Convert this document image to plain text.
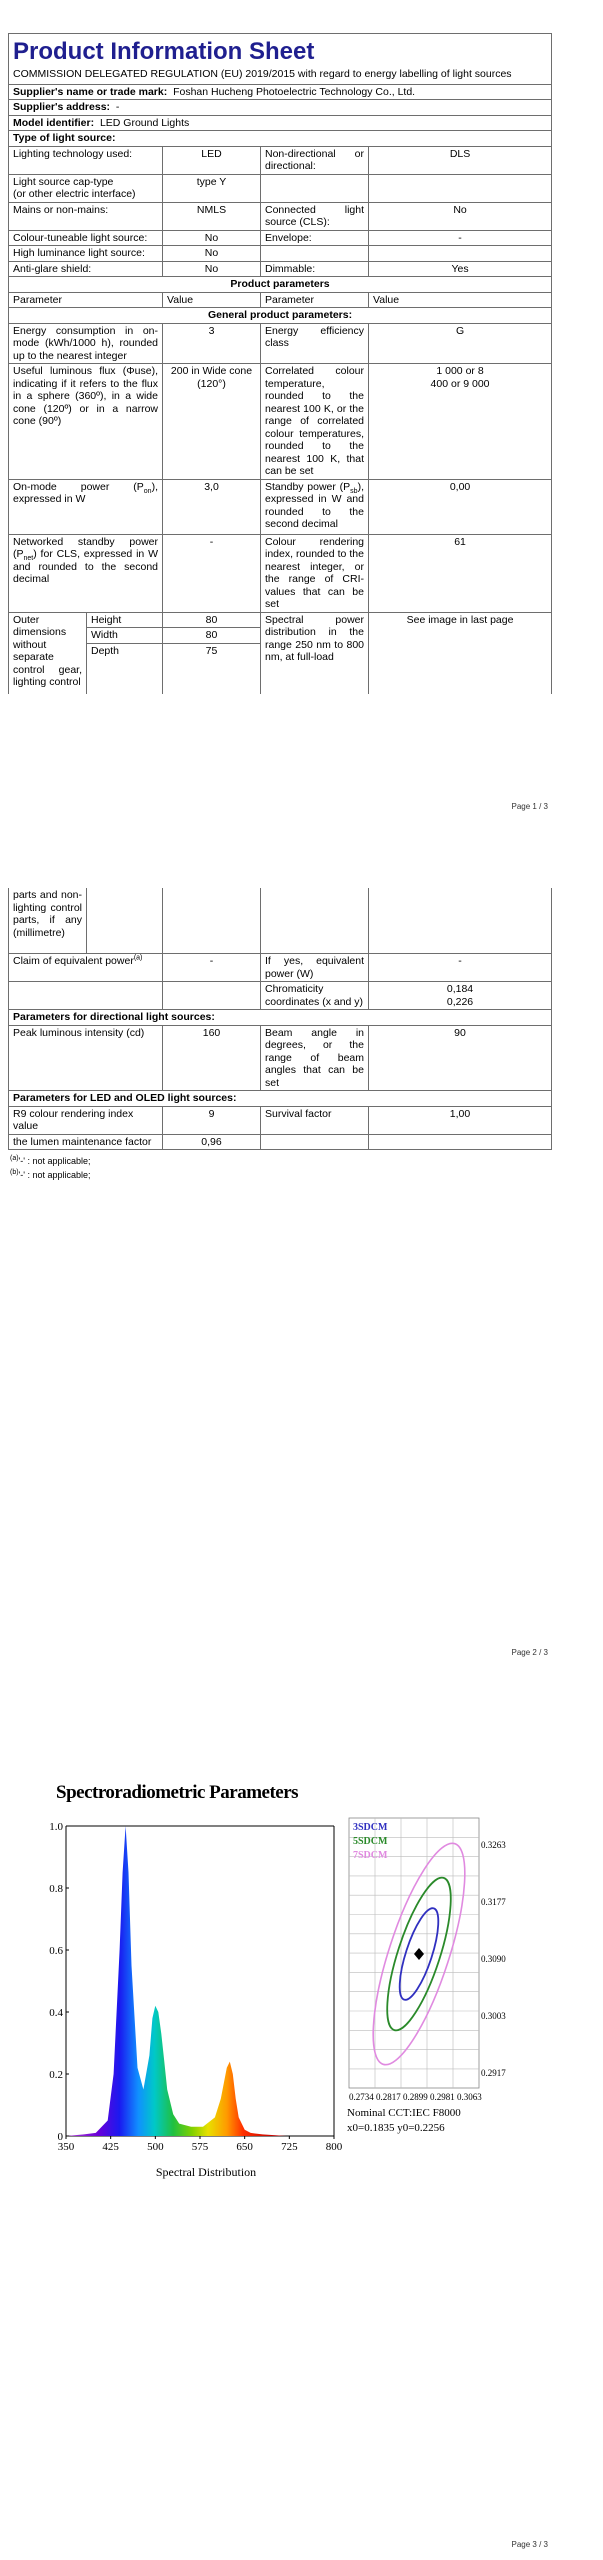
Product Information Sheet
COMMISSION DELEGATED REGULATION (EU) 2019/2015 with regard to energy labelling of light sources				

Supplier's name or trade mark: Foshan Hucheng Photoelectric Technology Co., Ltd.				
Supplier's address: -				
Model identifier: LED Ground Lights				
Type of light source:				
Lighting technology used:		LED	Non-directional or directional:	DLS

Light source cap-type
(or other electric interface)		type Y		
Mains or non-mains:		NMLS	Connected light source (CLS):	No
Colour-tuneable light source:		No	Envelope:	-
High luminance light source:		No		
Anti-glare shield:		No	Dimmable:	Yes
Product parameters				
Parameter		Value	Parameter	Value
General product parameters:				
Energy consumption in on-mode (kWh/1000 h), rounded up to the nearest integer		3	Energy efficiency class	G
Useful luminous flux (Φuse), indicating if it refers to the flux in a sphere (360º), in a wide cone (120º) or in a narrow cone (90º)		200 in Wide cone (120°)	Correlated colour temperature, rounded to the nearest 100 K, or the range of correlated colour temperatures, rounded to the nearest 100 K, that can be set	1 000 or 8
400 or 9 000

On-mode power $(P_{on})$, expressed in W		3,0	Standby power $(P_{sb})$, expressed in W and rounded to the second decimal	0,00
Networked standby power $(P_{net})$ for CLS, expressed in W and rounded to the second decimal		-	Colour rendering index, rounded to the nearest integer, or the range of CRI-values that can be set	61
Outer dimensions without separate control gear, lighting control	Height	80	Spectral power distribution in the range 250 nm to 800 nm, at full-load	See image in last page
	Width	80		
	Depth	75		

Page 1 / 3
parts and non-lighting control parts, if any (millimetre)				
Claim of equivalent power$^{(a)}$		-	If yes, equivalent power (W)	-
			Chromaticity coordinates (x and y)	0,184
0,226

Parameters for directional light sources:				
Peak luminous intensity (cd)		160	Beam angle in degrees, or the range of beam angles that can be set	90
Parameters for LED and OLED light sources:				
R9 colour rendering index value		9	Survival factor	1,00
the lumen maintenance factor		0,96		
$^{(a)}$'-' : not applicable;
$^{(b)}$'-' : not applicable;
Page 2 / 3
Spectroradiometric Parameters
350	425	500	575	650	725	800
0
0.2
0.4
0.6
0.8
1.0
Spectral Distribution
3SDCM
5SDCM
7SDCM
0.3263
0.3177
0.3090
0.3003
0.2917
0.2734 0.2817 0.2899 0.2981 0.3063
Nominal CCT:IEC F8000
x0=0.1835 y0=0.2256
Page 3 / 3
